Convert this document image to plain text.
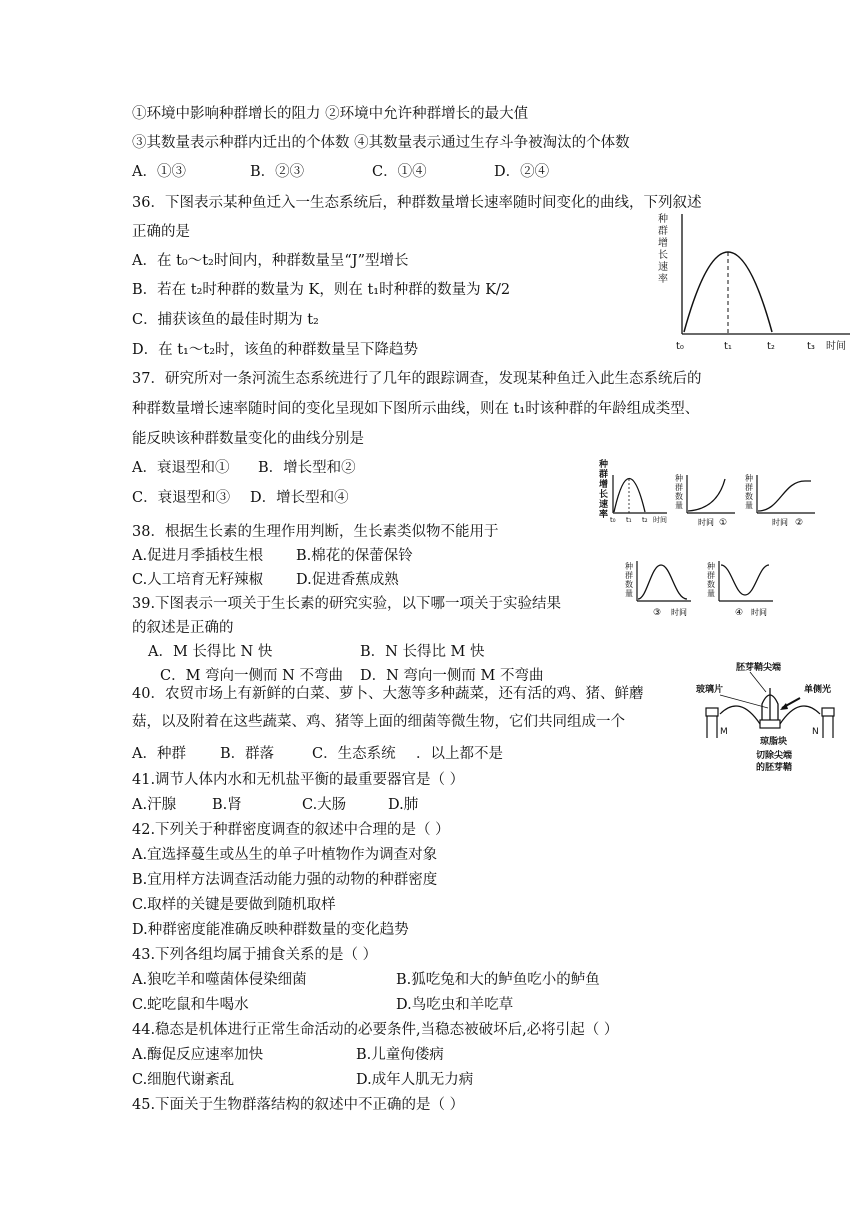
①环境中影响种群增长的阻力 ②环境中允许种群增长的最大值
③其数量表示种群内迁出的个体数 ④其数量表示通过生存斗争被淘汰的个体数
A．①③	B．②③	C．①④	D．②④
36．下图表示某种鱼迁入一生态系统后，种群数量增长速率随时间变化的曲线，下列叙述
正确的是
A．在 t₀～t₂时间内，种群数量呈“J”型增长
B．若在 t₂时种群的数量为 K，则在 t₁时种群的数量为 K/2
C．捕获该鱼的最佳时期为 t₂
D．在 t₁～t₂时，该鱼的种群数量呈下降趋势
种
群
增
长
速
率
t₀	t₁	t₂	t₃ 时间
37．研究所对一条河流生态系统进行了几年的跟踪调查，发现某种鱼迁入此生态系统后的
种群数量增长速率随时间的变化呈现如下图所示曲线，则在 t₁时该种群的年龄组成类型、
能反映该种群数量变化的曲线分别是
A．衰退型和① B．增长型和②
C．衰退型和③ D．增长型和④
种
群
增
长
速
率 t₀ t₁ t₂ 时间
种
群
数
量
时间 ①
种
群
数
量
时间 ②
种
群
数
量
③ 时间
种
群
数
量
④ 时间
38．根据生长素的生理作用判断，生长素类似物不能用于
A.促进月季插枝生根 B.棉花的保蕾保铃
C.人工培育无籽辣椒 D.促进香蕉成熟
39.下图表示一项关于生长素的研究实验，以下哪一项关于实验结果
的叙述是正确的
A．M 长得比 N 快	B．N 长得比 M 快
C．M 弯向一侧而 N 不弯曲 D．N 弯向一侧而 M 不弯曲	胚芽鞘尖端
玻璃片	单侧光
琼脂块
切除尖端
的胚芽鞘
M	N
40．农贸市场上有新鲜的白菜、萝卜、大葱等多种蔬菜，还有活的鸡、猪、鲜蘑
菇，以及附着在这些蔬菜、鸡、猪等上面的细菌等微生物，它们共同组成一个
A．种群 B．群落	C．生态系统 ．以上都不是
41.调节人体内水和无机盐平衡的最重要器官是（ ）
A.汗腺 B.肾	C.大肠	D.肺
42.下列关于种群密度调查的叙述中合理的是（ ）
A.宜选择蔓生或丛生的单子叶植物作为调查对象
B.宜用样方法调查活动能力强的动物的种群密度
C.取样的关键是要做到随机取样
D.种群密度能准确反映种群数量的变化趋势
43.下列各组均属于捕食关系的是（ ）
A.狼吃羊和噬菌体侵染细菌	B.狐吃兔和大的鲈鱼吃小的鲈鱼
C.蛇吃鼠和牛喝水	D.鸟吃虫和羊吃草
44.稳态是机体进行正常生命活动的必要条件,当稳态被破坏后,必将引起（ ）
A.酶促反应速率加快	B.儿童佝偻病
C.细胞代谢紊乱	D.成年人肌无力病
45.下面关于生物群落结构的叙述中不正确的是（ ）
